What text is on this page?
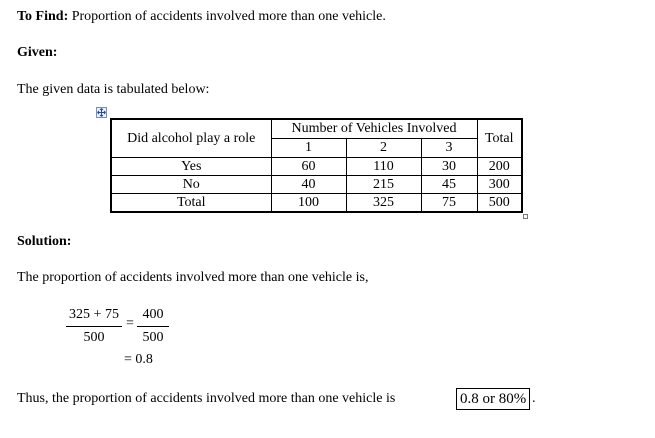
To Find: Proportion of accidents involved more than one vehicle.
Given:
The given data is tabulated below:
Did alcohol play a role	Number of Vehicles Involved			Total
	1	2	3	
Yes	60	110	30	200
No	40	215	45	300
Total	100	325	75	500
Solution:
The proportion of accidents involved more than one vehicle is,
325 + 75
500
=
400
500
= 0.8
Thus, the proportion of accidents involved more than one vehicle is	0.8 or 80% .
